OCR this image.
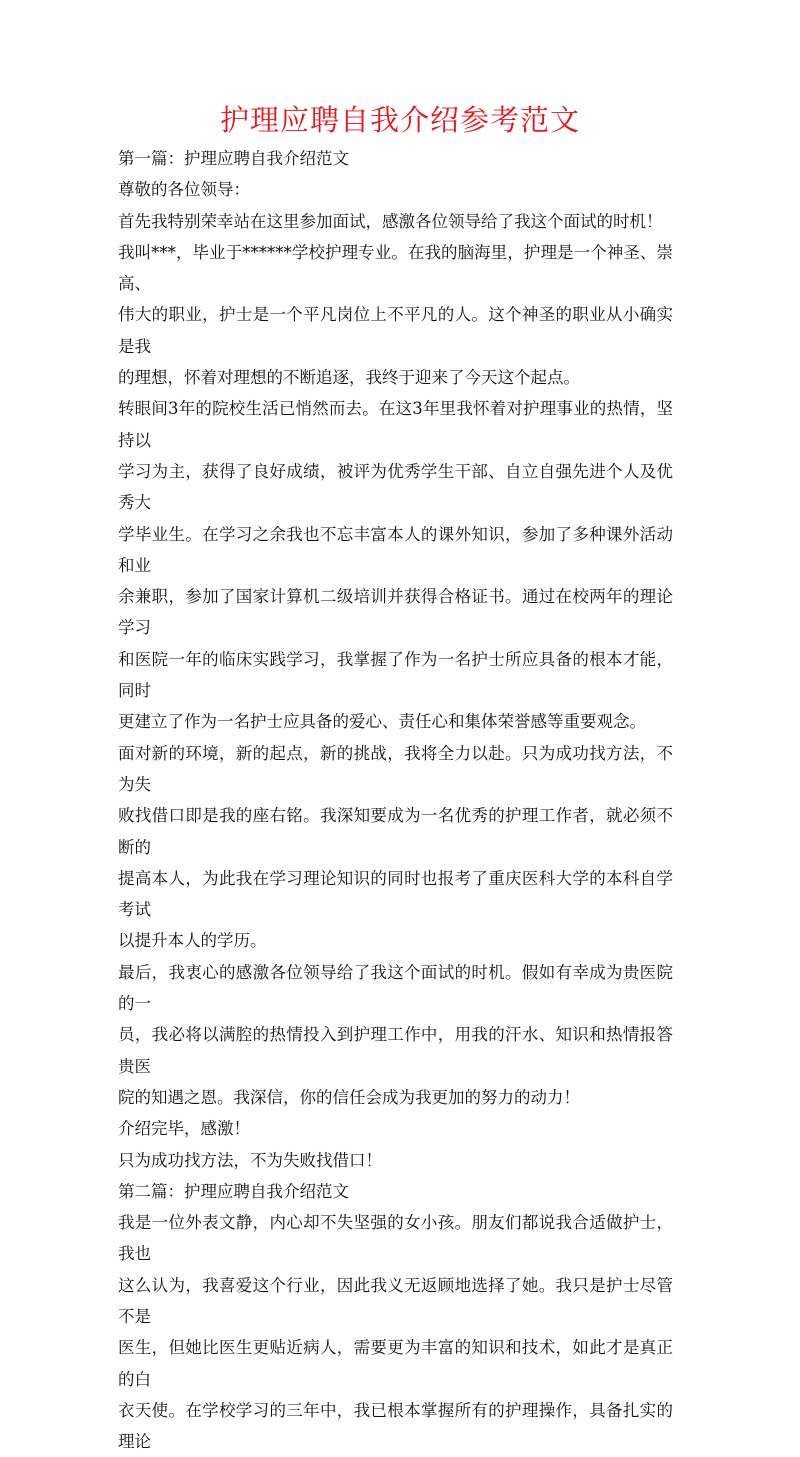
护理应聘自我介绍参考范文

第一篇：护理应聘自我介绍范文

尊敬的各位领导：

首先我特别荣幸站在这里参加面试，感激各位领导给了我这个面试的时机！

我叫***，毕业于******学校护理专业。在我的脑海里，护理是一个神圣、崇高、
伟大的职业，护士是一个平凡岗位上不平凡的人。这个神圣的职业从小确实是我
的理想，怀着对理想的不断追逐，我终于迎来了今天这个起点。

转眼间3年的院校生活已悄然而去。在这3年里我怀着对护理事业的热情，坚持以
学习为主，获得了良好成绩，被评为优秀学生干部、自立自强先进个人及优秀大
学毕业生。在学习之余我也不忘丰富本人的课外知识，参加了多种课外活动和业
余兼职，参加了国家计算机二级培训并获得合格证书。通过在校两年的理论学习
和医院一年的临床实践学习，我掌握了作为一名护士所应具备的根本才能，同时
更建立了作为一名护士应具备的爱心、责任心和集体荣誉感等重要观念。

面对新的环境，新的起点，新的挑战，我将全力以赴。只为成功找方法，不为失
败找借口即是我的座右铭。我深知要成为一名优秀的护理工作者，就必须不断的
提高本人，为此我在学习理论知识的同时也报考了重庆医科大学的本科自学考试
以提升本人的学历。

最后，我衷心的感激各位领导给了我这个面试的时机。假如有幸成为贵医院的一
员，我必将以满腔的热情投入到护理工作中，用我的汗水、知识和热情报答贵医
院的知遇之恩。我深信，你的信任会成为我更加的努力的动力！

介绍完毕，感激！

只为成功找方法，不为失败找借口！

第二篇：护理应聘自我介绍范文

我是一位外表文静，内心却不失坚强的女小孩。朋友们都说我合适做护士，我也
这么认为，我喜爱这个行业，因此我义无返顾地选择了她。我只是护士尽管不是
医生，但她比医生更贴近病人，需要更为丰富的知识和技术，如此才是真正的白
衣天使。在学校学习的三年中，我已根本掌握所有的护理操作，具备扎实的理论
